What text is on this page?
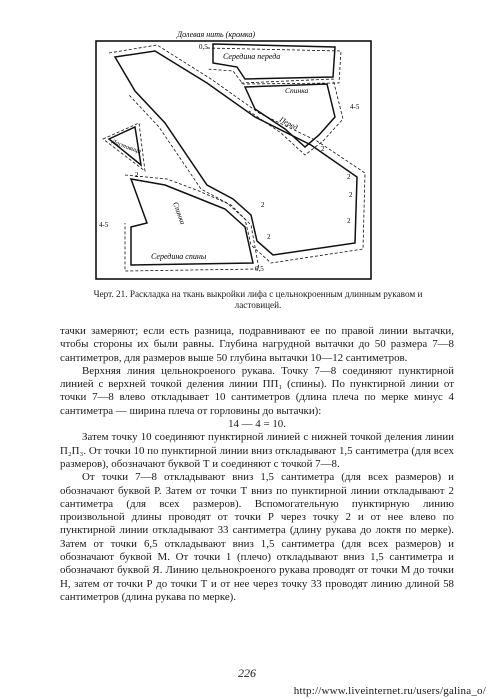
Долевая нить (кромка)
Середина переда
Спинка
Перед
Ластовица
Спинка
Середина спины
0,5
0,5
2
2
2
2
2
2
2
4-5
4-5
Черт. 21. Раскладка на ткань выкройки лифа с цельнокроенным длинным рукавом и ластовицей.

тачки замеряют; если есть разница, подравнивают ее по правой линии вытачки, чтобы стороны их были равны. Глубина нагрудной вытачки до 50 размера 7—8 сантиметров, для размеров выше 50 глубина вытачки 10—12 сантиметров.

Верхняя линия цельнокроеного рукава. Точку 7—8 соединяют пунктирной линией с верхней точкой деления линии ПП₁ (спины). По пунктирной линии от точки 7—8 влево откладывает 10 сантиметров (длина плеча по мерке минус 4 сантиметра — ширина плеча от горловины до вытачки):

14 — 4 = 10.

Затем точку 10 соединяют пунктирной линией с нижней точкой деления линии П₂П₃. От точки 10 по пунктирной линии вниз откладывают 1,5 сантиметра (для всех размеров), обозначают буквой Т и соединяют с точкой 7—8.

От точки 7—8 откладывают вниз 1,5 сантиметра (для всех размеров) и обозначают буквой Р. Затем от точки Т вниз по пунктирной линии откладывают 2 сантиметра (для всех размеров). Вспомогательную пунктирную линию произвольной длины проводят от точки Р через точку 2 и от нее влево по пунктирной линии откладывают 33 сантиметра (длину рукава до локтя по мерке). Затем от точки 6,5 откладывают вниз 1,5 сантиметра (для всех размеров) и обозначают буквой М. От точки 1 (плечо) откладывают вниз 1,5 сантиметра и обозначают буквой Я. Линию цельнокроеного рукава проводят от точки М до точки Н, затем от точки Р до точки Т и от нее через точку 33 проводят линию длиной 58 сантиметров (длина рукава по мерке).

226
http://www.liveinternet.ru/users/galina_o/
